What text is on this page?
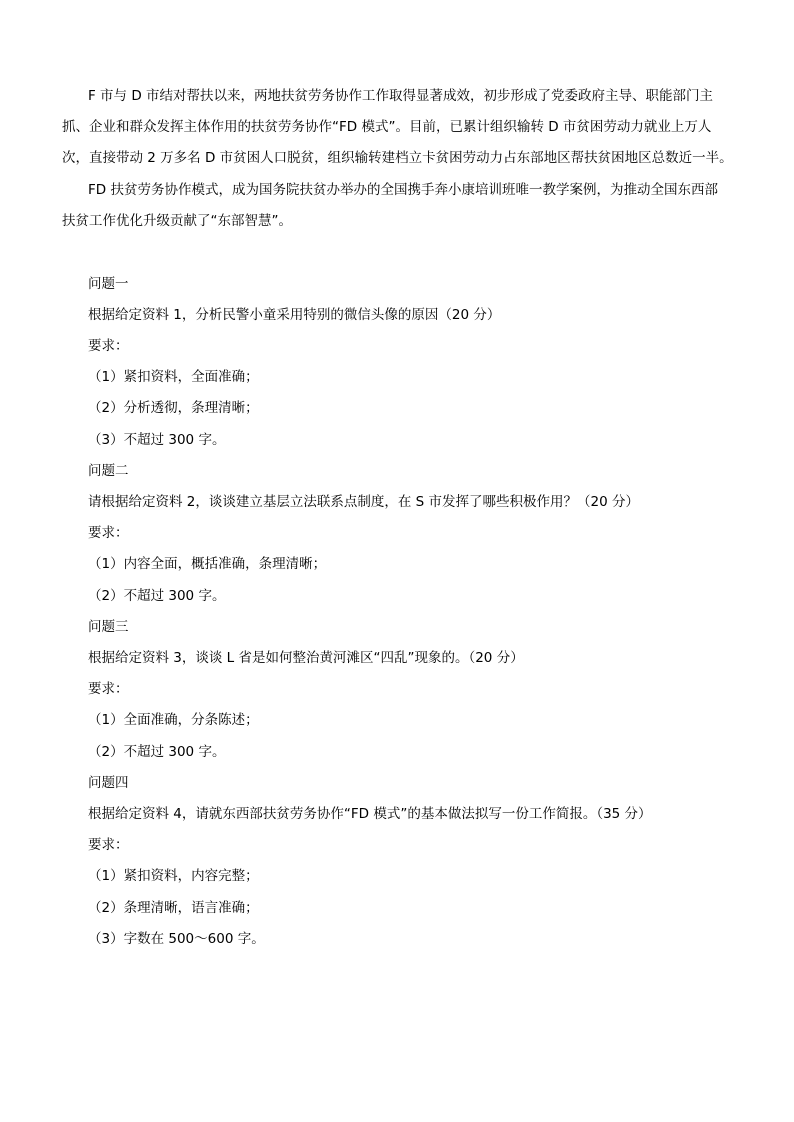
F 市与 D 市结对帮扶以来，两地扶贫劳务协作工作取得显著成效，初步形成了党委政府主导、职能部门主

抓、企业和群众发挥主体作用的扶贫劳务协作“FD 模式”。目前，已累计组织输转 D 市贫困劳动力就业上万人

次，直接带动 2 万多名 D 市贫困人口脱贫，组织输转建档立卡贫困劳动力占东部地区帮扶贫困地区总数近一半。

FD 扶贫劳务协作模式，成为国务院扶贫办举办的全国携手奔小康培训班唯一教学案例，为推动全国东西部

扶贫工作优化升级贡献了“东部智慧”。

问题一

根据给定资料 1，分析民警小童采用特别的微信头像的原因（20 分）

要求：

（1）紧扣资料，全面准确；

（2）分析透彻，条理清晰；

（3）不超过 300 字。

问题二

请根据给定资料 2，谈谈建立基层立法联系点制度，在 S 市发挥了哪些积极作用？（20 分）

要求：

（1）内容全面，概括准确，条理清晰；

（2）不超过 300 字。

问题三

根据给定资料 3，谈谈 L 省是如何整治黄河滩区“四乱”现象的。（20 分）

要求：

（1）全面准确，分条陈述；

（2）不超过 300 字。

问题四

根据给定资料 4，请就东西部扶贫劳务协作“FD 模式”的基本做法拟写一份工作简报。（35 分）

要求：

（1）紧扣资料，内容完整；

（2）条理清晰，语言准确；

（3）字数在 500～600 字。
